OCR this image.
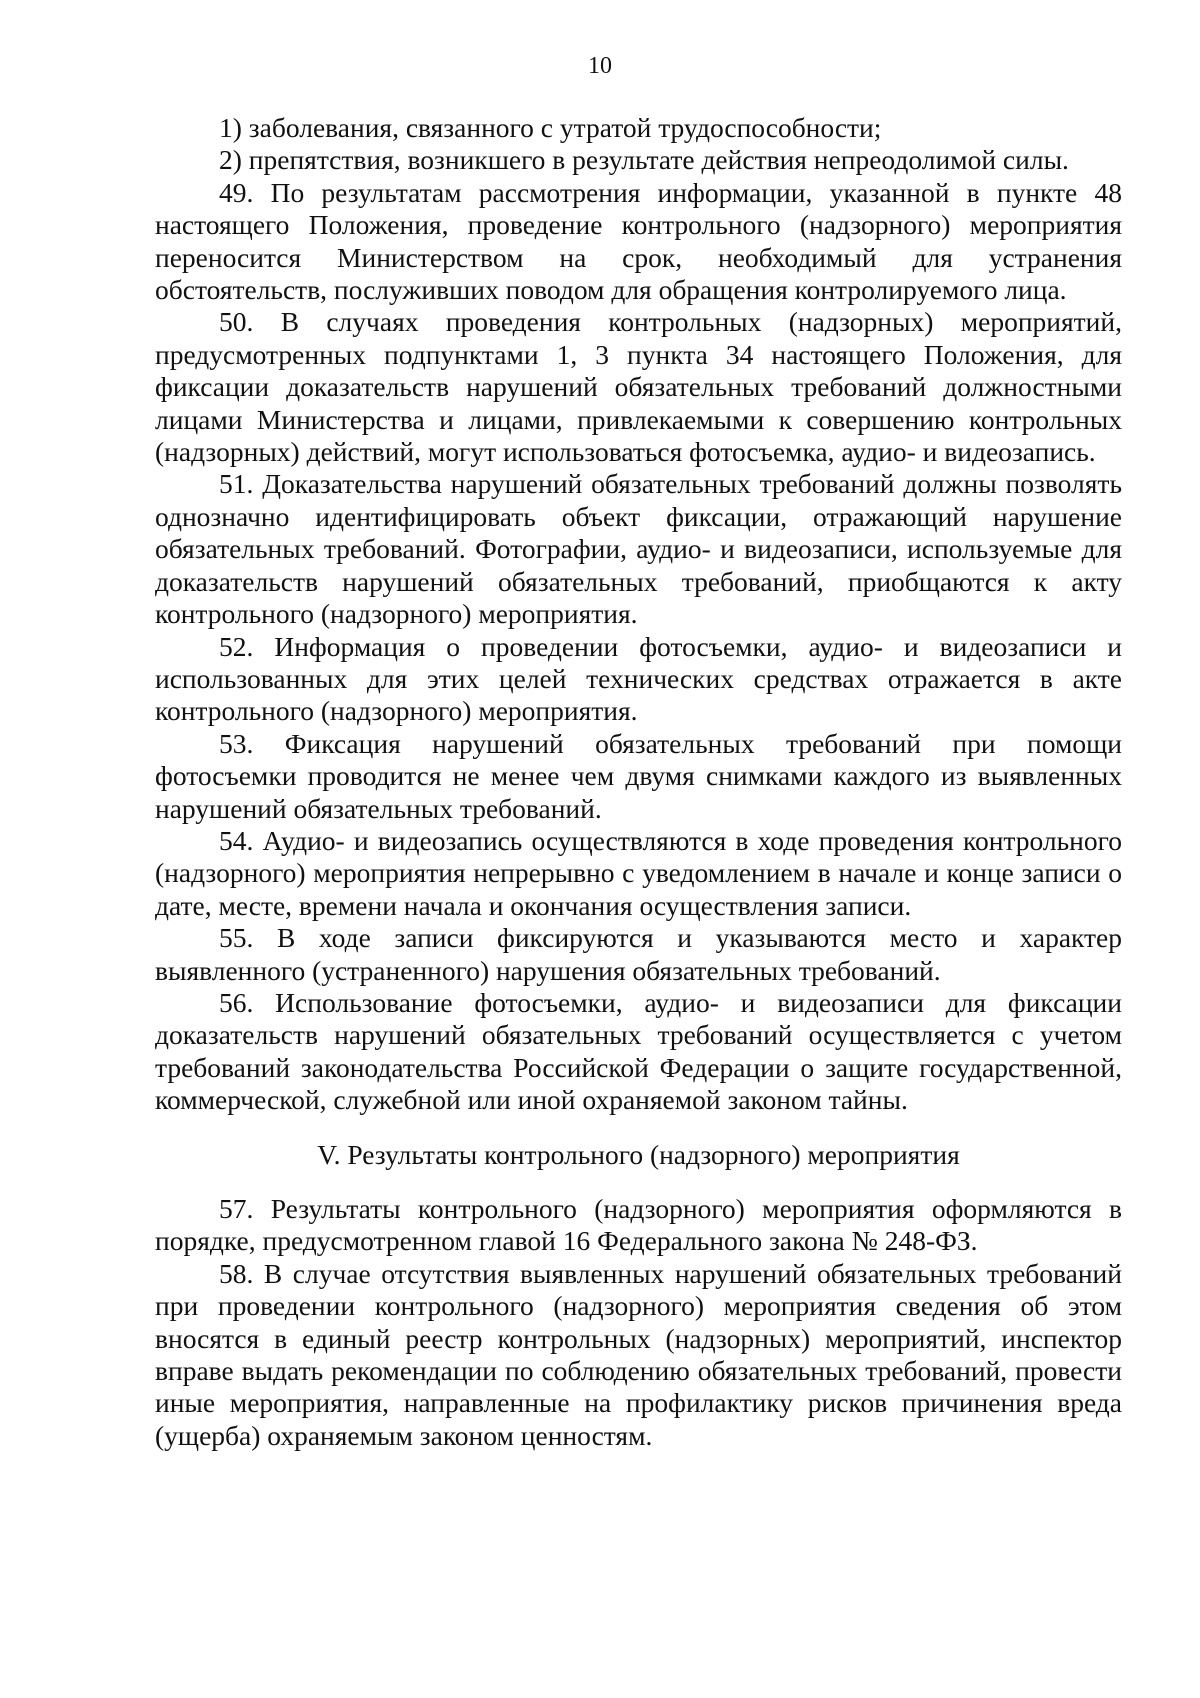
10

1) заболевания, связанного с утратой трудоспособности;

2) препятствия, возникшего в результате действия непреодолимой силы.

49. По результатам рассмотрения информации, указанной в пункте 48 настоящего Положения, проведение контрольного (надзорного) мероприятия переносится Министерством на срок, необходимый для устранения обстоятельств, послуживших поводом для обращения контролируемого лица.

50. В случаях проведения контрольных (надзорных) мероприятий, предусмотренных подпунктами 1, 3 пункта 34 настоящего Положения, для фиксации доказательств нарушений обязательных требований должностными лицами Министерства и лицами, привлекаемыми к совершению контрольных (надзорных) действий, могут использоваться фотосъемка, аудио- и видеозапись.

51. Доказательства нарушений обязательных требований должны позволять однозначно идентифицировать объект фиксации, отражающий нарушение обязательных требований. Фотографии, аудио- и видеозаписи, используемые для доказательств нарушений обязательных требований, приобщаются к акту контрольного (надзорного) мероприятия.

52. Информация о проведении фотосъемки, аудио- и видеозаписи и использованных для этих целей технических средствах отражается в акте контрольного (надзорного) мероприятия.

53. Фиксация нарушений обязательных требований при помощи фотосъемки проводится не менее чем двумя снимками каждого из выявленных нарушений обязательных требований.

54. Аудио- и видеозапись осуществляются в ходе проведения контрольного (надзорного) мероприятия непрерывно с уведомлением в начале и конце записи о дате, месте, времени начала и окончания осуществления записи.

55. В ходе записи фиксируются и указываются место и характер выявленного (устраненного) нарушения обязательных требований.

56. Использование фотосъемки, аудио- и видеозаписи для фиксации доказательств нарушений обязательных требований осуществляется с учетом требований законодательства Российской Федерации о защите государственной, коммерческой, служебной или иной охраняемой законом тайны.

V. Результаты контрольного (надзорного) мероприятия

57. Результаты контрольного (надзорного) мероприятия оформляются в порядке, предусмотренном главой 16 Федерального закона № 248-ФЗ.

58. В случае отсутствия выявленных нарушений обязательных требований при проведении контрольного (надзорного) мероприятия сведения об этом вносятся в единый реестр контрольных (надзорных) мероприятий, инспектор вправе выдать рекомендации по соблюдению обязательных требований, провести иные мероприятия, направленные на профилактику рисков причинения вреда (ущерба) охраняемым законом ценностям.
